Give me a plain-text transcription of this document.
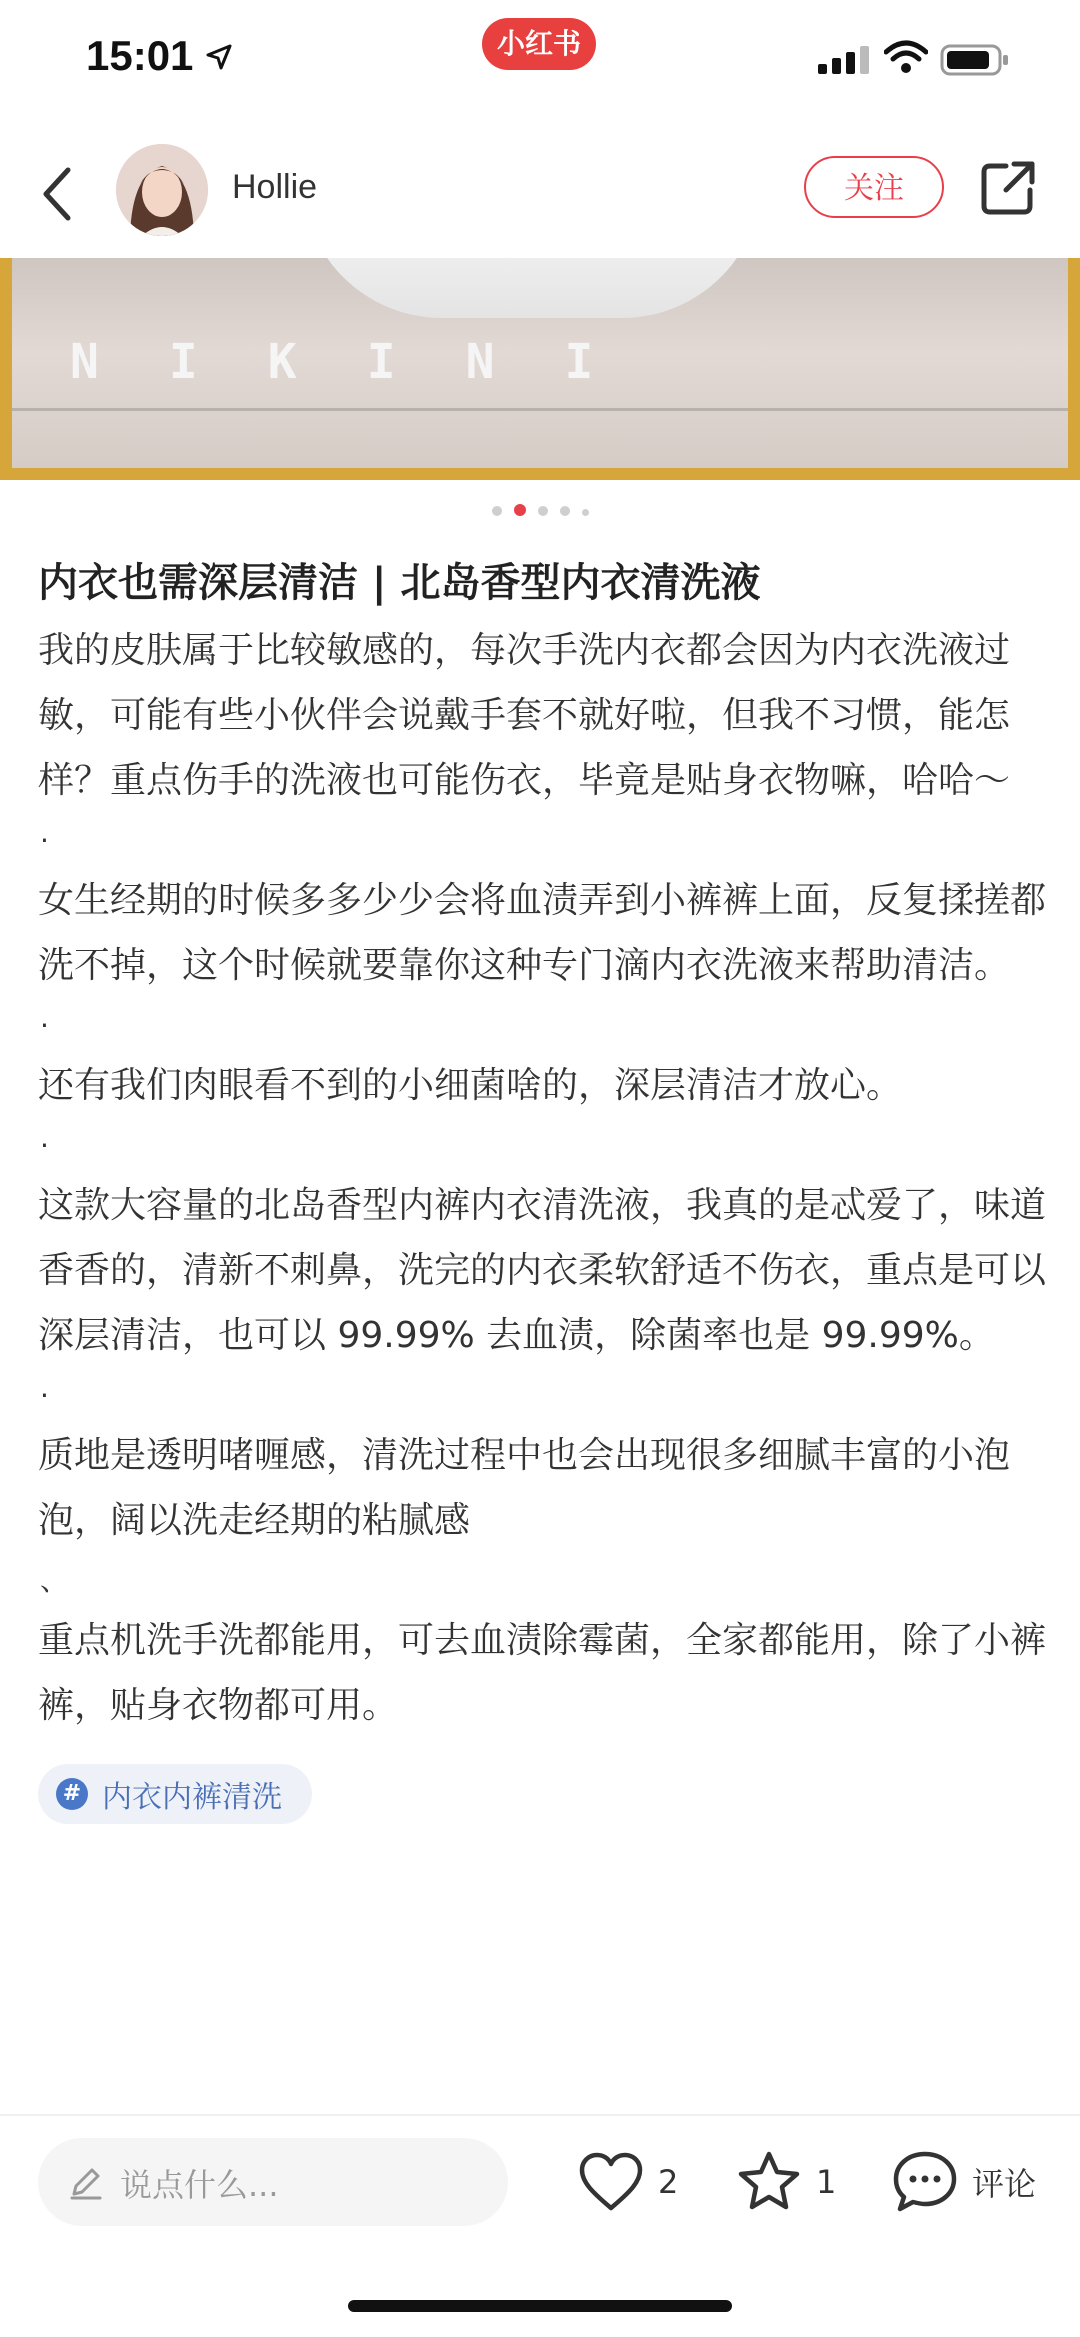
15:01	小红书
Hollie	关注
NIKINI

内衣也需深层清洁 | 北岛香型内衣清洗液

我的皮肤属于比较敏感的，每次手洗内衣都会因为内衣洗液过敏，可能有些小伙伴会说戴手套不就好啦，但我不习惯，能怎样？重点伤手的洗液也可能伤衣，毕竟是贴身衣物嘛，哈哈～

·

女生经期的时候多多少少会将血渍弄到小裤裤上面，反复揉搓都洗不掉，这个时候就要靠你这种专门滴内衣洗液来帮助清洁。

·

还有我们肉眼看不到的小细菌啥的，深层清洁才放心。

·

这款大容量的北岛香型内裤内衣清洗液，我真的是忒爱了，味道香香的，清新不刺鼻，洗完的内衣柔软舒适不伤衣，重点是可以深层清洁，也可以 99.99% 去血渍，除菌率也是 99.99%。

·

质地是透明啫喱感，清洗过程中也会出现很多细腻丰富的小泡泡，阔以洗走经期的粘腻感

、

重点机洗手洗都能用，可去血渍除霉菌，全家都能用，除了小裤裤，贴身衣物都可用。

# 内衣内裤清洗
说点什么...	2	1	评论
